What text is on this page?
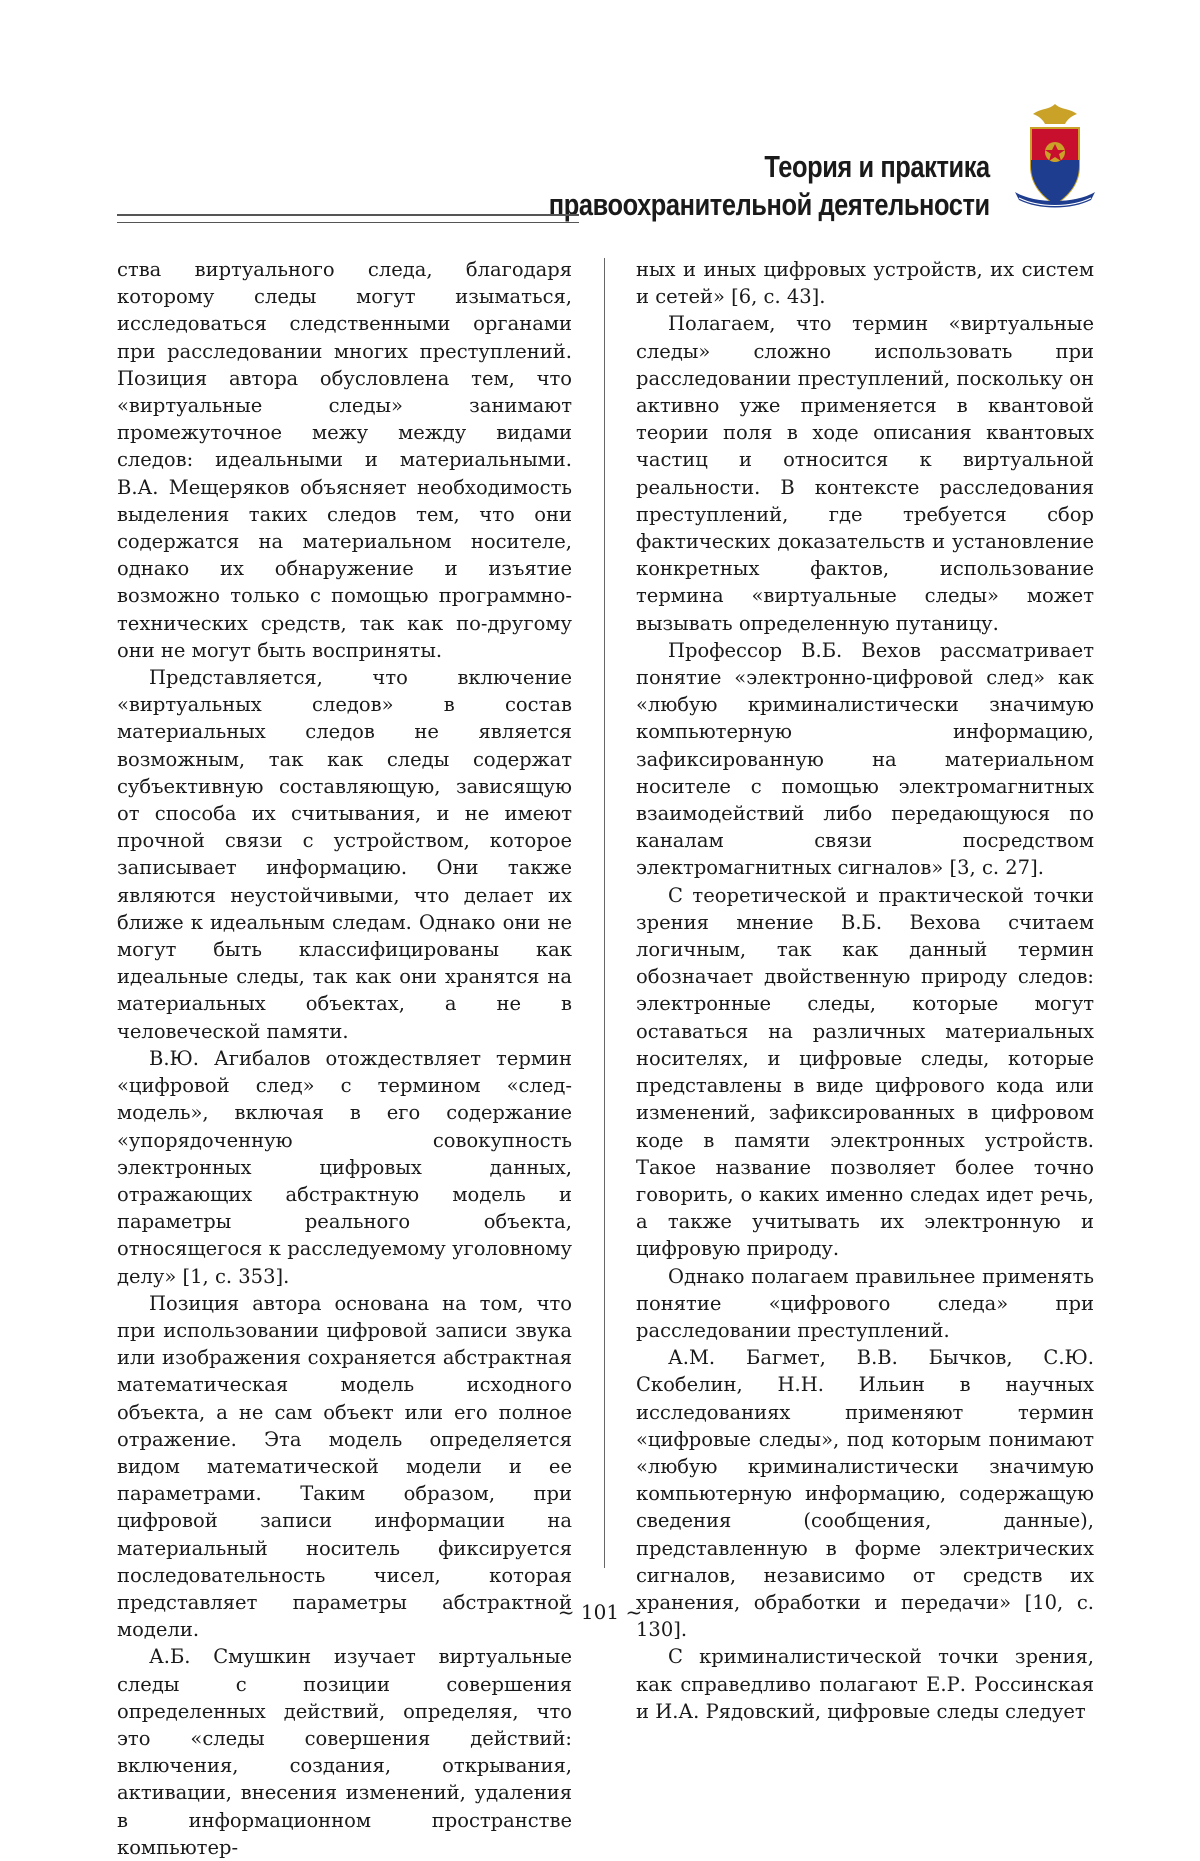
Теория и практика
правоохранительной деятельности

ства виртуального следа, благодаря которому следы могут изыматься, исследоваться следственными органами при расследовании многих преступлений. Позиция автора обусловлена тем, что «виртуальные следы» занимают промежуточное межу между видами следов: идеальными и материальными. В.А. Мещеряков объясняет необходимость выделения таких следов тем, что они содержатся на материальном носителе, однако их обнаружение и изъятие возможно только с помощью программно-технических средств, так как по-другому они не могут быть восприняты.

Представляется, что включение «виртуальных следов» в состав материальных следов не является возможным, так как следы содержат субъективную составляющую, зависящую от способа их считывания, и не имеют прочной связи с устройством, которое записывает информацию. Они также являются неустойчивыми, что делает их ближе к идеальным следам. Однако они не могут быть классифицированы как идеальные следы, так как они хранятся на материальных объектах, а не в человеческой памяти.

В.Ю. Агибалов отождествляет термин «цифровой след» с термином «след-модель», включая в его содержание «упорядоченную совокупность электронных цифровых данных, отражающих абстрактную модель и параметры реального объекта, относящегося к расследуемому уголовному делу» [1, с. 353].

Позиция автора основана на том, что при использовании цифровой записи звука или изображения сохраняется абстрактная математическая модель исходного объекта, а не сам объект или его полное отражение. Эта модель определяется видом математической модели и ее параметрами. Таким образом, при цифровой записи информации на материальный носитель фиксируется последовательность чисел, которая представляет параметры абстрактной модели.

А.Б. Смушкин изучает виртуальные следы с позиции совершения определенных действий, определяя, что это «следы совершения действий: включения, создания, открывания, активации, внесения изменений, удаления в информационном пространстве компьютер-

ных и иных цифровых устройств, их систем и сетей» [6, с. 43].

Полагаем, что термин «виртуальные следы» сложно использовать при расследовании преступлений, поскольку он активно уже применяется в квантовой теории поля в ходе описания квантовых частиц и относится к виртуальной реальности. В контексте расследования преступлений, где требуется сбор фактических доказательств и установление конкретных фактов, использование термина «виртуальные следы» может вызывать определенную путаницу.

Профессор В.Б. Вехов рассматривает понятие «электронно-цифровой след» как «любую криминалистически значимую компьютерную информацию, зафиксированную на материальном носителе с помощью электромагнитных взаимодействий либо передающуюся по каналам связи посредством электромагнитных сигналов» [3, с. 27].

С теоретической и практической точки зрения мнение В.Б. Вехова считаем логичным, так как данный термин обозначает двойственную природу следов: электронные следы, которые могут оставаться на различных материальных носителях, и цифровые следы, которые представлены в виде цифрового кода или изменений, зафиксированных в цифровом коде в памяти электронных устройств. Такое название позволяет более точно говорить, о каких именно следах идет речь, а также учитывать их электронную и цифровую природу.

Однако полагаем правильнее применять понятие «цифрового следа» при расследовании преступлений.

А.М. Багмет, В.В. Бычков, С.Ю. Скобелин, Н.Н. Ильин в научных исследованиях применяют термин «цифровые следы», под которым понимают «любую криминалистически значимую компьютерную информацию, содержащую сведения (сообщения, данные), представленную в форме электрических сигналов, независимо от средств их хранения, обработки и передачи» [10, с. 130].

С криминалистической точки зрения, как справедливо полагают Е.Р. Россинская и И.А. Рядовский, цифровые следы следует

~ 101 ~
